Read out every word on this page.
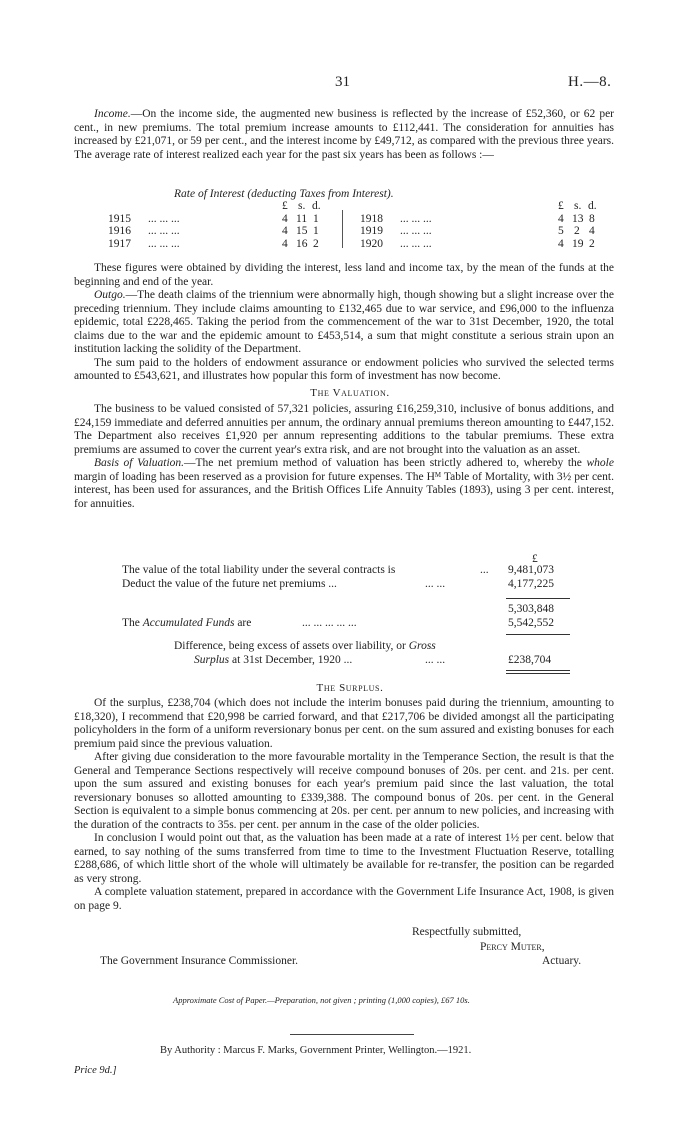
31	H.—8.

Income.—On the income side, the augmented new business is reflected by the increase of £52,360, or 62 per cent., in new premiums. The total premium increase amounts to £112,441. The consideration for annuities has increased by £21,071, or 59 per cent., and the interest income by £49,712, as compared with the previous three years. The average rate of interest realized each year for the past six years has been as follows :—

Rate of Interest (deducting Taxes from Interest).
£ s. d.	£ s. d.
1915 ... ... ...	4 11 1	1918 ... ... ...	4 13 8
1916 ... ... ...	4 15 1	1919 ... ... ...	5 2 4
1917 ... ... ...	4 16 2	1920 ... ... ...	4 19 2

These figures were obtained by dividing the interest, less land and income tax, by the mean of the funds at the beginning and end of the year.

Outgo.—The death claims of the triennium were abnormally high, though showing but a slight increase over the preceding triennium. They include claims amounting to £132,465 due to war service, and £96,000 to the influenza epidemic, total £228,465. Taking the period from the commencement of the war to 31st December, 1920, the total claims due to the war and the epidemic amount to £453,514, a sum that might constitute a serious strain upon an institution lacking the solidity of the Department.

The sum paid to the holders of endowment assurance or endowment policies who survived the selected terms amounted to £543,621, and illustrates how popular this form of investment has now become.

The Valuation.

The business to be valued consisted of 57,321 policies, assuring £16,259,310, inclusive of bonus additions, and £24,159 immediate and deferred annuities per annum, the ordinary annual premiums thereon amounting to £447,152. The Department also receives £1,920 per annum representing additions to the tabular premiums. These extra premiums are assumed to cover the current year's extra risk, and are not brought into the valuation as an asset.

Basis of Valuation.—The net premium method of valuation has been strictly adhered to, whereby the whole margin of loading has been reserved as a provision for future expenses. The Hᴹ Table of Mortality, with 3½ per cent. interest, has been used for assurances, and the British Offices Life Annuity Tables (1893), using 3 per cent. interest, for annuities.

£
The value of the total liability under the several contracts is	... 9,481,073
Deduct the value of the future net premiums ...	... ...	4,177,225
5,303,848
The Accumulated Funds are	... ... ... ... ...	5,542,552
Difference, being excess of assets over liability, or Gross
Surplus at 31st December, 1920 ...	... ...	£238,704
The Surplus.

Of the surplus, £238,704 (which does not include the interim bonuses paid during the triennium, amounting to £18,320), I recommend that £20,998 be carried forward, and that £217,706 be divided amongst all the participating policyholders in the form of a uniform reversionary bonus per cent. on the sum assured and existing bonuses for each premium paid since the previous valuation.

After giving due consideration to the more favourable mortality in the Temperance Section, the result is that the General and Temperance Sections respectively will receive compound bonuses of 20s. per cent. and 21s. per cent. upon the sum assured and existing bonuses for each year's premium paid since the last valuation, the total reversionary bonuses so allotted amounting to £339,388. The compound bonus of 20s. per cent. in the General Section is equivalent to a simple bonus commencing at 20s. per cent. per annum to new policies, and increasing with the duration of the contracts to 35s. per cent. per annum in the case of the older policies.

In conclusion I would point out that, as the valuation has been made at a rate of interest 1½ per cent. below that earned, to say nothing of the sums transferred from time to time to the Investment Fluctuation Reserve, totalling £288,686, of which little short of the whole will ultimately be available for re-transfer, the position can be regarded as very strong.

A complete valuation statement, prepared in accordance with the Government Life Insurance Act, 1908, is given on page 9.

Respectfully submitted,
Percy Muter,
The Government Insurance Commissioner.	Actuary.
Approximate Cost of Paper.—Preparation, not given ; printing (1,000 copies), £67 10s.
By Authority : Marcus F. Marks, Government Printer, Wellington.—1921.
Price 9d.]
